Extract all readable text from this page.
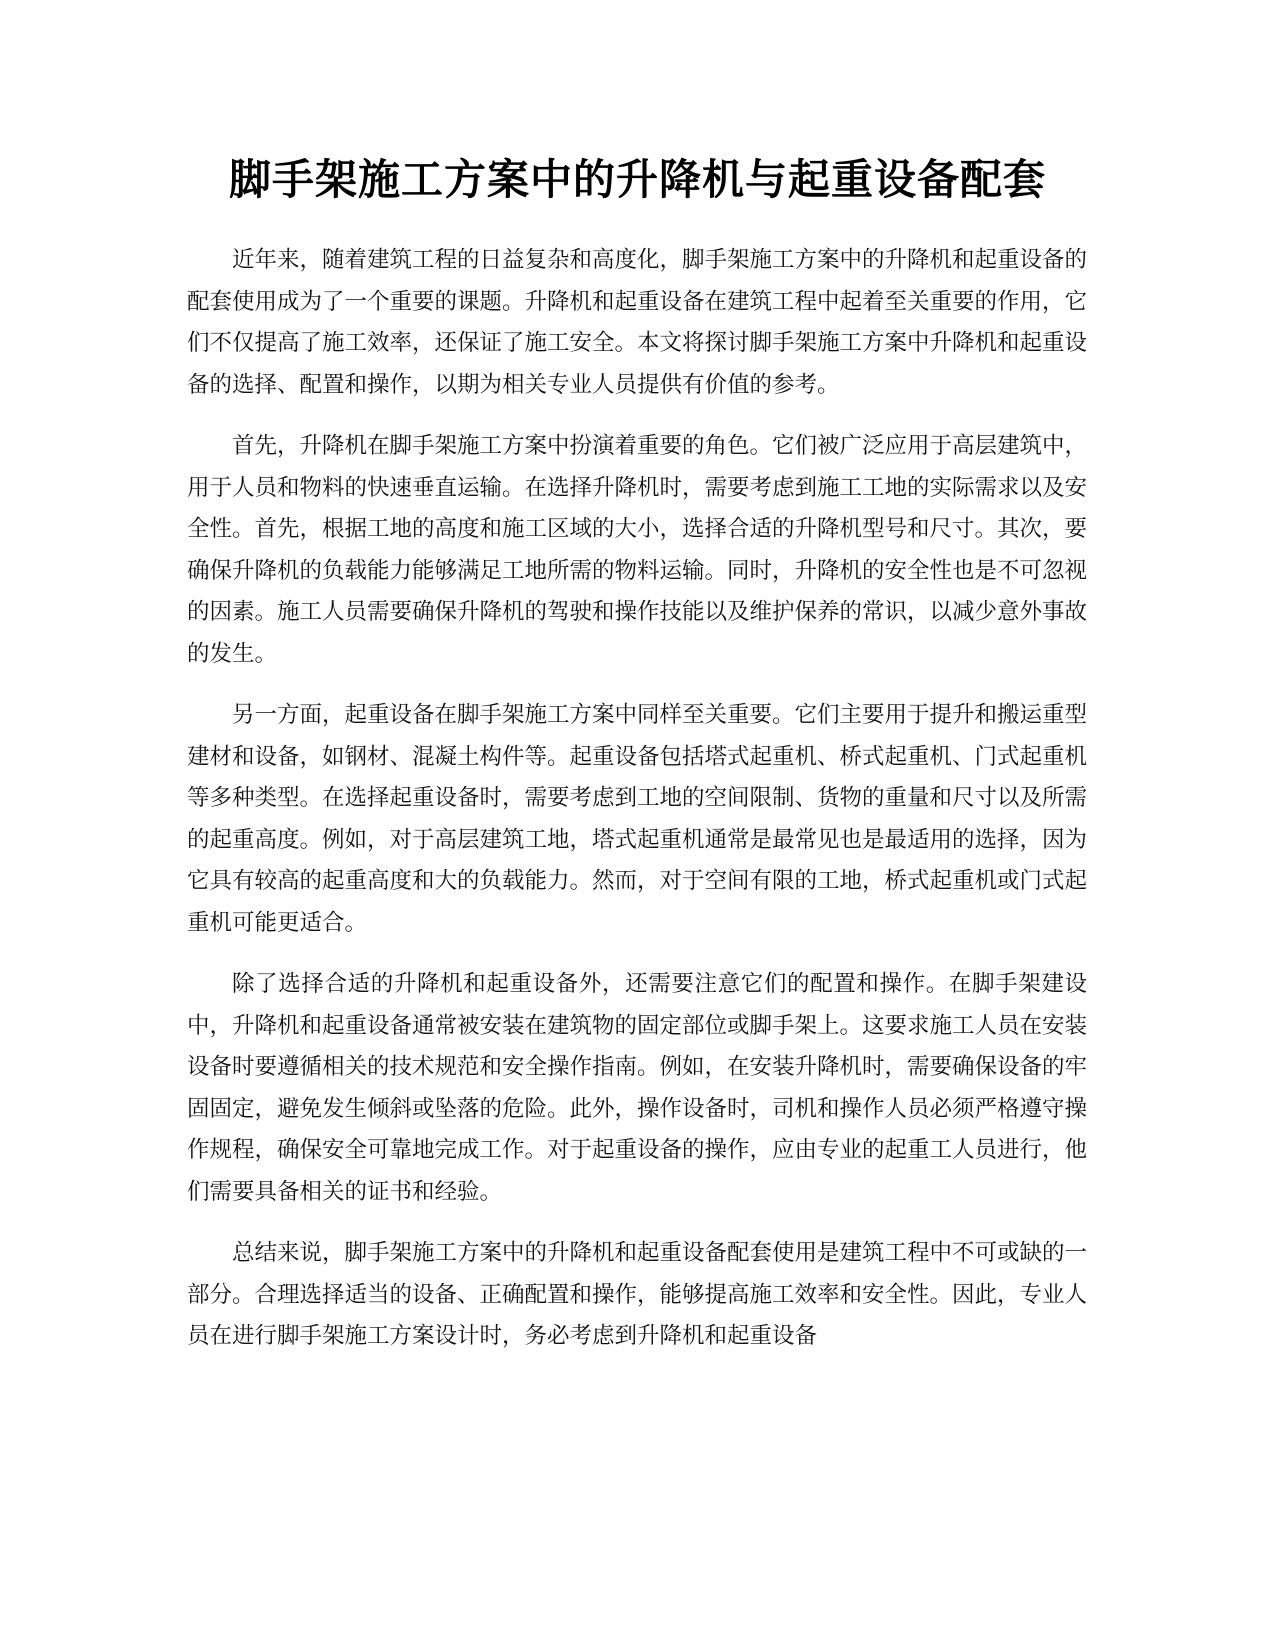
脚手架施工方案中的升降机与起重设备配套

近年来，随着建筑工程的日益复杂和高度化，脚手架施工方案中的升降机和起重设备的配套使用成为了一个重要的课题。升降机和起重设备在建筑工程中起着至关重要的作用，它们不仅提高了施工效率，还保证了施工安全。本文将探讨脚手架施工方案中升降机和起重设备的选择、配置和操作，以期为相关专业人员提供有价值的参考。

首先，升降机在脚手架施工方案中扮演着重要的角色。它们被广泛应用于高层建筑中，用于人员和物料的快速垂直运输。在选择升降机时，需要考虑到施工工地的实际需求以及安全性。首先，根据工地的高度和施工区域的大小，选择合适的升降机型号和尺寸。其次，要确保升降机的负载能力能够满足工地所需的物料运输。同时，升降机的安全性也是不可忽视的因素。施工人员需要确保升降机的驾驶和操作技能以及维护保养的常识，以减少意外事故的发生。

另一方面，起重设备在脚手架施工方案中同样至关重要。它们主要用于提升和搬运重型建材和设备，如钢材、混凝土构件等。起重设备包括塔式起重机、桥式起重机、门式起重机等多种类型。在选择起重设备时，需要考虑到工地的空间限制、货物的重量和尺寸以及所需的起重高度。例如，对于高层建筑工地，塔式起重机通常是最常见也是最适用的选择，因为它具有较高的起重高度和大的负载能力。然而，对于空间有限的工地，桥式起重机或门式起重机可能更适合。

除了选择合适的升降机和起重设备外，还需要注意它们的配置和操作。在脚手架建设中，升降机和起重设备通常被安装在建筑物的固定部位或脚手架上。这要求施工人员在安装设备时要遵循相关的技术规范和安全操作指南。例如，在安装升降机时，需要确保设备的牢固固定，避免发生倾斜或坠落的危险。此外，操作设备时，司机和操作人员必须严格遵守操作规程，确保安全可靠地完成工作。对于起重设备的操作，应由专业的起重工人员进行，他们需要具备相关的证书和经验。

总结来说，脚手架施工方案中的升降机和起重设备配套使用是建筑工程中不可或缺的一部分。合理选择适当的设备、正确配置和操作，能够提高施工效率和安全性。因此，专业人员在进行脚手架施工方案设计时，务必考虑到升降机和起重设备
